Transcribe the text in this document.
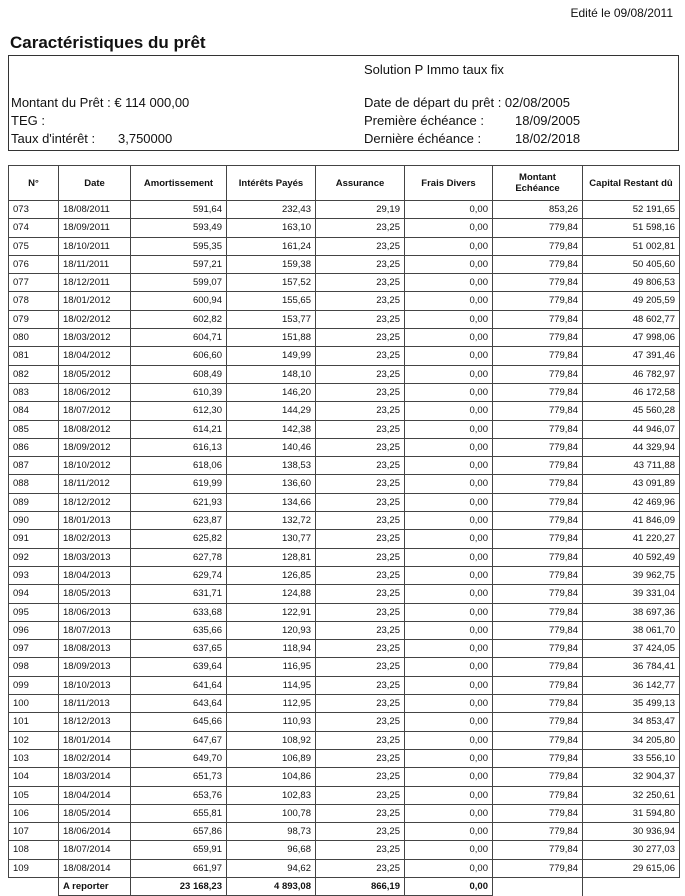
Edité le 09/08/2011
Caractéristiques du prêt
Solution P Immo taux fix
Montant du Prêt : € 114 000,00
TEG :
Taux d'intérêt : 3,750000
Date de départ du prêt : 02/08/2005
Première échéance : 18/09/2005
Dernière échéance :	18/02/2018
N°	Date	Amortissement	Intérêts Payés	Assurance	Frais Divers	Montant Echéance	Capital Restant dû
073	18/08/2011	591,64	232,43	29,19	0,00	853,26	52 191,65
074	18/09/2011	593,49	163,10	23,25	0,00	779,84	51 598,16
075	18/10/2011	595,35	161,24	23,25	0,00	779,84	51 002,81
076	18/11/2011	597,21	159,38	23,25	0,00	779,84	50 405,60
077	18/12/2011	599,07	157,52	23,25	0,00	779,84	49 806,53
078	18/01/2012	600,94	155,65	23,25	0,00	779,84	49 205,59
079	18/02/2012	602,82	153,77	23,25	0,00	779,84	48 602,77
080	18/03/2012	604,71	151,88	23,25	0,00	779,84	47 998,06
081	18/04/2012	606,60	149,99	23,25	0,00	779,84	47 391,46
082	18/05/2012	608,49	148,10	23,25	0,00	779,84	46 782,97
083	18/06/2012	610,39	146,20	23,25	0,00	779,84	46 172,58
084	18/07/2012	612,30	144,29	23,25	0,00	779,84	45 560,28
085	18/08/2012	614,21	142,38	23,25	0,00	779,84	44 946,07
086	18/09/2012	616,13	140,46	23,25	0,00	779,84	44 329,94
087	18/10/2012	618,06	138,53	23,25	0,00	779,84	43 711,88
088	18/11/2012	619,99	136,60	23,25	0,00	779,84	43 091,89
089	18/12/2012	621,93	134,66	23,25	0,00	779,84	42 469,96
090	18/01/2013	623,87	132,72	23,25	0,00	779,84	41 846,09
091	18/02/2013	625,82	130,77	23,25	0,00	779,84	41 220,27
092	18/03/2013	627,78	128,81	23,25	0,00	779,84	40 592,49
093	18/04/2013	629,74	126,85	23,25	0,00	779,84	39 962,75
094	18/05/2013	631,71	124,88	23,25	0,00	779,84	39 331,04
095	18/06/2013	633,68	122,91	23,25	0,00	779,84	38 697,36
096	18/07/2013	635,66	120,93	23,25	0,00	779,84	38 061,70
097	18/08/2013	637,65	118,94	23,25	0,00	779,84	37 424,05
098	18/09/2013	639,64	116,95	23,25	0,00	779,84	36 784,41
099	18/10/2013	641,64	114,95	23,25	0,00	779,84	36 142,77
100	18/11/2013	643,64	112,95	23,25	0,00	779,84	35 499,13
101	18/12/2013	645,66	110,93	23,25	0,00	779,84	34 853,47
102	18/01/2014	647,67	108,92	23,25	0,00	779,84	34 205,80
103	18/02/2014	649,70	106,89	23,25	0,00	779,84	33 556,10
104	18/03/2014	651,73	104,86	23,25	0,00	779,84	32 904,37
105	18/04/2014	653,76	102,83	23,25	0,00	779,84	32 250,61
106	18/05/2014	655,81	100,78	23,25	0,00	779,84	31 594,80
107	18/06/2014	657,86	98,73	23,25	0,00	779,84	30 936,94
108	18/07/2014	659,91	96,68	23,25	0,00	779,84	30 277,03
109	18/08/2014	661,97	94,62	23,25	0,00	779,84	29 615,06
	A reporter	23 168,23	4 893,08	866,19	0,00		
